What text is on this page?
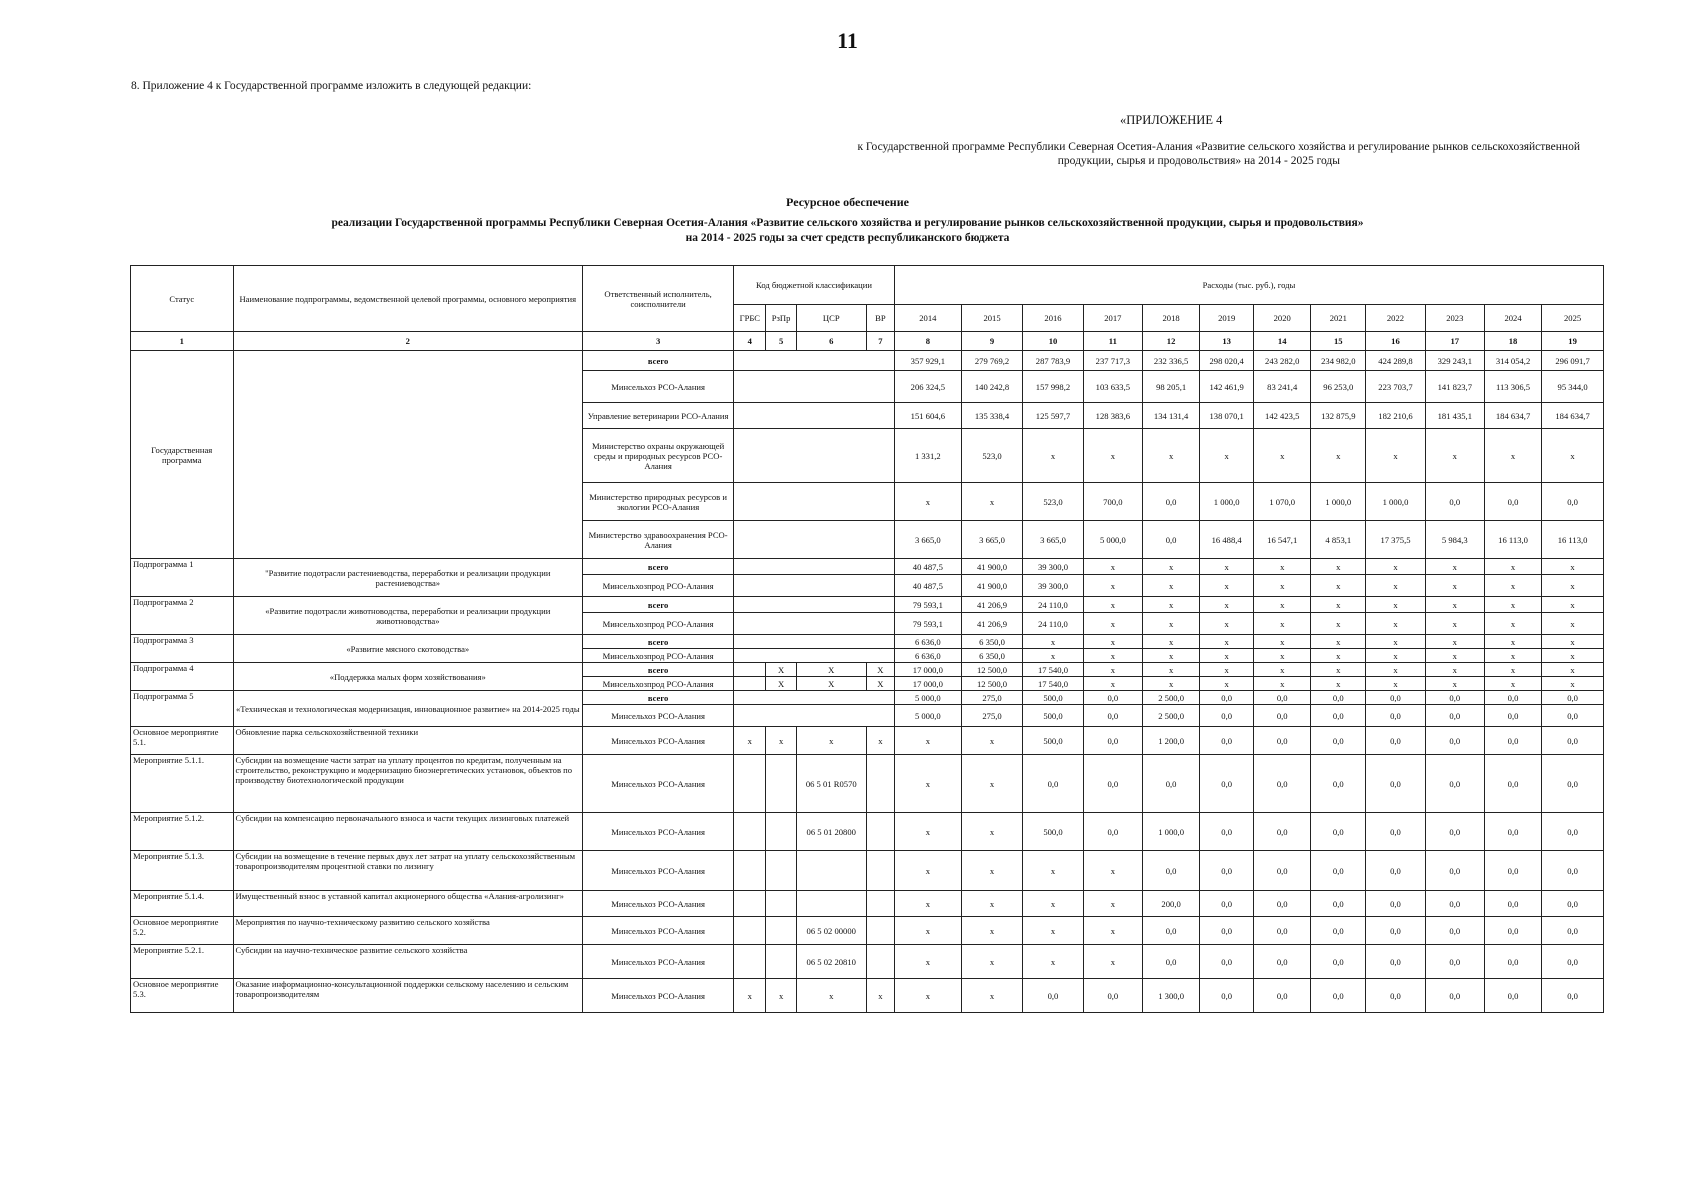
11
8. Приложение 4 к Государственной программе изложить в следующей редакции:
«ПРИЛОЖЕНИЕ 4
к Государственной программе Республики Северная Осетия-Алания «Развитие сельского хозяйства и регулирование рынков сельскохозяйственной
продукции, сырья и продовольствия» на 2014 - 2025 годы
Ресурсное обеспечение
реализации Государственной программы Республики Северная Осетия-Алания «Развитие сельского хозяйства и регулирование рынков сельскохозяйственной продукции, сырья и продовольствия»
на 2014 - 2025 годы за счет средств республиканского бюджета
Статус	Наименование подпрограммы, ведомственной целевой программы, основного мероприятия	Ответственный исполнитель, соисполнители	Код бюджетной классификации				Расходы (тыс. руб.), годы											
			ГРБС	РзПр	ЦСР	ВР	2014	2015	2016	2017	2018	2019	2020	2021	2022	2023	2024	2025
1	2	3	4	5	6	7	8	9	10	11	12	13	14	15	16	17	18	19
Государственная программа		всего					357 929,1	279 769,2	287 783,9	237 717,3	232 336,5	298 020,4	243 282,0	234 982,0	424 289,8	329 243,1	314 054,2	296 091,7
		Минсельхоз РСО-Алания					206 324,5	140 242,8	157 998,2	103 633,5	98 205,1	142 461,9	83 241,4	96 253,0	223 703,7	141 823,7	113 306,5	95 344,0
		Управление ветеринарии РСО-Алания					151 604,6	135 338,4	125 597,7	128 383,6	134 131,4	138 070,1	142 423,5	132 875,9	182 210,6	181 435,1	184 634,7	184 634,7
		Министерство охраны окружающей среды и природных ресурсов РСО-Алания					1 331,2	523,0	х	х	х	х	х	х	х	х	х	х
		Министерство природных ресурсов и экологии РСО-Алания					х	х	523,0	700,0	0,0	1 000,0	1 070,0	1 000,0	1 000,0	0,0	0,0	0,0
		Министерство здравоохранения РСО-Алания					3 665,0	3 665,0	3 665,0	5 000,0	0,0	16 488,4	16 547,1	4 853,1	17 375,5	5 984,3	16 113,0	16 113,0
Подпрограмма 1	"Развитие подотрасли растениеводства, переработки и реализации продукции растениеводства»	всего					40 487,5	41 900,0	39 300,0	х	х	х	х	х	х	х	х	х
		Минсельхозпрод РСО-Алания					40 487,5	41 900,0	39 300,0	х	х	х	х	х	х	х	х	х
Подпрограмма 2	«Развитие подотрасли животноводства, переработки и реализации продукции животноводства»	всего					79 593,1	41 206,9	24 110,0	х	х	х	х	х	х	х	х	х
		Минсельхозпрод РСО-Алания					79 593,1	41 206,9	24 110,0	х	х	х	х	х	х	х	х	х
Подпрограмма 3	«Развитие мясного скотоводства»	всего					6 636,0	6 350,0	х	х	х	х	х	х	х	х	х	х
		Минсельхозпрод РСО-Алания					6 636,0	6 350,0	х	х	х	х	х	х	х	х	х	х
Подпрограмма 4	«Поддержка малых форм хозяйствования»	всего		Х	Х	Х	17 000,0	12 500,0	17 540,0	х	х	х	х	х	х	х	х	х
		Минсельхозпрод РСО-Алания		Х	Х	Х	17 000,0	12 500,0	17 540,0	х	х	х	х	х	х	х	х	х
Подпрограмма 5	«Техническая и технологическая модернизация, инновационное развитие» на 2014-2025 годы	всего					5 000,0	275,0	500,0	0,0	2 500,0	0,0	0,0	0,0	0,0	0,0	0,0	0,0
		Минсельхоз РСО-Алания					5 000,0	275,0	500,0	0,0	2 500,0	0,0	0,0	0,0	0,0	0,0	0,0	0,0
Основное мероприятие 5.1.	Обновление парка сельскохозяйственной техники	Минсельхоз РСО-Алания	х	х	х	х	х	х	500,0	0,0	1 200,0	0,0	0,0	0,0	0,0	0,0	0,0	0,0
Мероприятие 5.1.1.	Субсидии на возмещение части затрат на уплату процентов по кредитам, полученным на строительство, реконструкцию и модернизацию биоэнергетических установок, объектов по производству биотехнологической продукции	Минсельхоз РСО-Алания			06 5 01 R0570		х	х	0,0	0,0	0,0	0,0	0,0	0,0	0,0	0,0	0,0	0,0
Мероприятие 5.1.2.	Субсидии на компенсацию первоначального взноса и части текущих лизинговых платежей	Минсельхоз РСО-Алания			06 5 01 20800		х	х	500,0	0,0	1 000,0	0,0	0,0	0,0	0,0	0,0	0,0	0,0
Мероприятие 5.1.3.	Субсидии на возмещение в течение первых двух лет затрат на уплату сельскохозяйственным товаропроизводителям процентной ставки по лизингу	Минсельхоз РСО-Алания					х	х	х	х	0,0	0,0	0,0	0,0	0,0	0,0	0,0	0,0
Мероприятие 5.1.4.	Имущественный взнос в уставной капитал акционерного общества «Алания-агролизинг»	Минсельхоз РСО-Алания					х	х	х	х	200,0	0,0	0,0	0,0	0,0	0,0	0,0	0,0
Основное мероприятие 5.2.	Мероприятия по научно-техническому развитию сельского хозяйства	Минсельхоз РСО-Алания			06 5 02 00000		х	х	х	х	0,0	0,0	0,0	0,0	0,0	0,0	0,0	0,0
Мероприятие 5.2.1.	Субсидии на научно-техническое развитие сельского хозяйства	Минсельхоз РСО-Алания			06 5 02 20810		х	х	х	х	0,0	0,0	0,0	0,0	0,0	0,0	0,0	0,0
Основное мероприятие 5.3.	Оказание информационно-консультационной поддержки сельскому населению и сельским товаропроизводителям	Минсельхоз РСО-Алания	х	х	х	х	х	х	0,0	0,0	1 300,0	0,0	0,0	0,0	0,0	0,0	0,0	0,0
